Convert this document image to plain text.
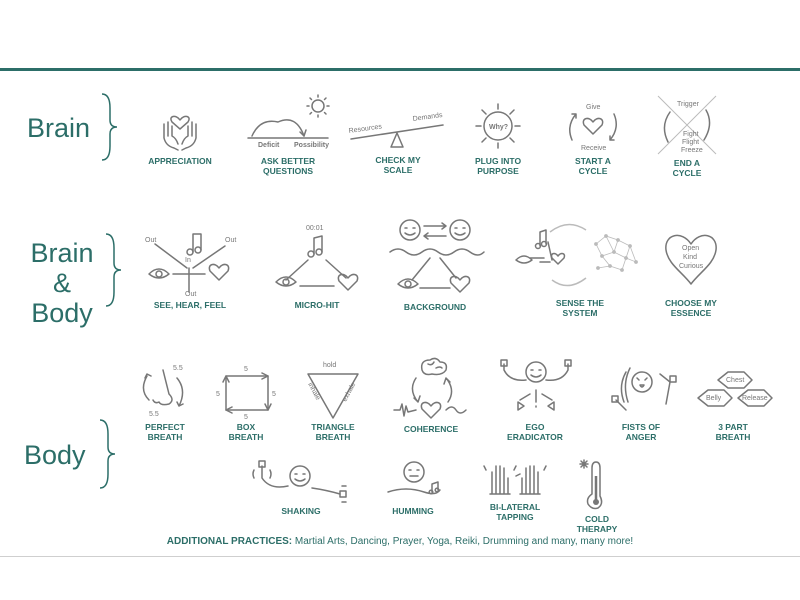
Brain
Brain
& Body
Body
APPRECIATION
Deficit Possibility
ASK BETTER
QUESTIONS
Resources
Demands
CHECK MY
SCALE
Why?
PLUG INTO
PURPOSE
Give
Receive
START A
CYCLE
Trigger
Fight
Flight
Freeze
END A
CYCLE
Out	Out
In
Out
SEE, HEAR, FEEL
00:01
MICRO-HIT	BACKGROUND	SENSE THE
SYSTEM
Open
Kind
Curious
CHOOSE MY
ESSENCE
5.5
5.5
PERFECT
BREATH
5
5
5
5
BOX
BREATH
hold
inhale	exhale
TRIANGLE
BREATH
COHERENCE	EGO
ERADICATOR
FISTS OF
ANGER
Chest
Belly	Release
3 PART
BREATH
SHAKING	HUMMING	BI-LATERAL
TAPPING	COLD
THERAPY
ADDITIONAL PRACTICES: Martial Arts, Dancing, Prayer, Yoga, Reiki, Drumming and many, many more!
